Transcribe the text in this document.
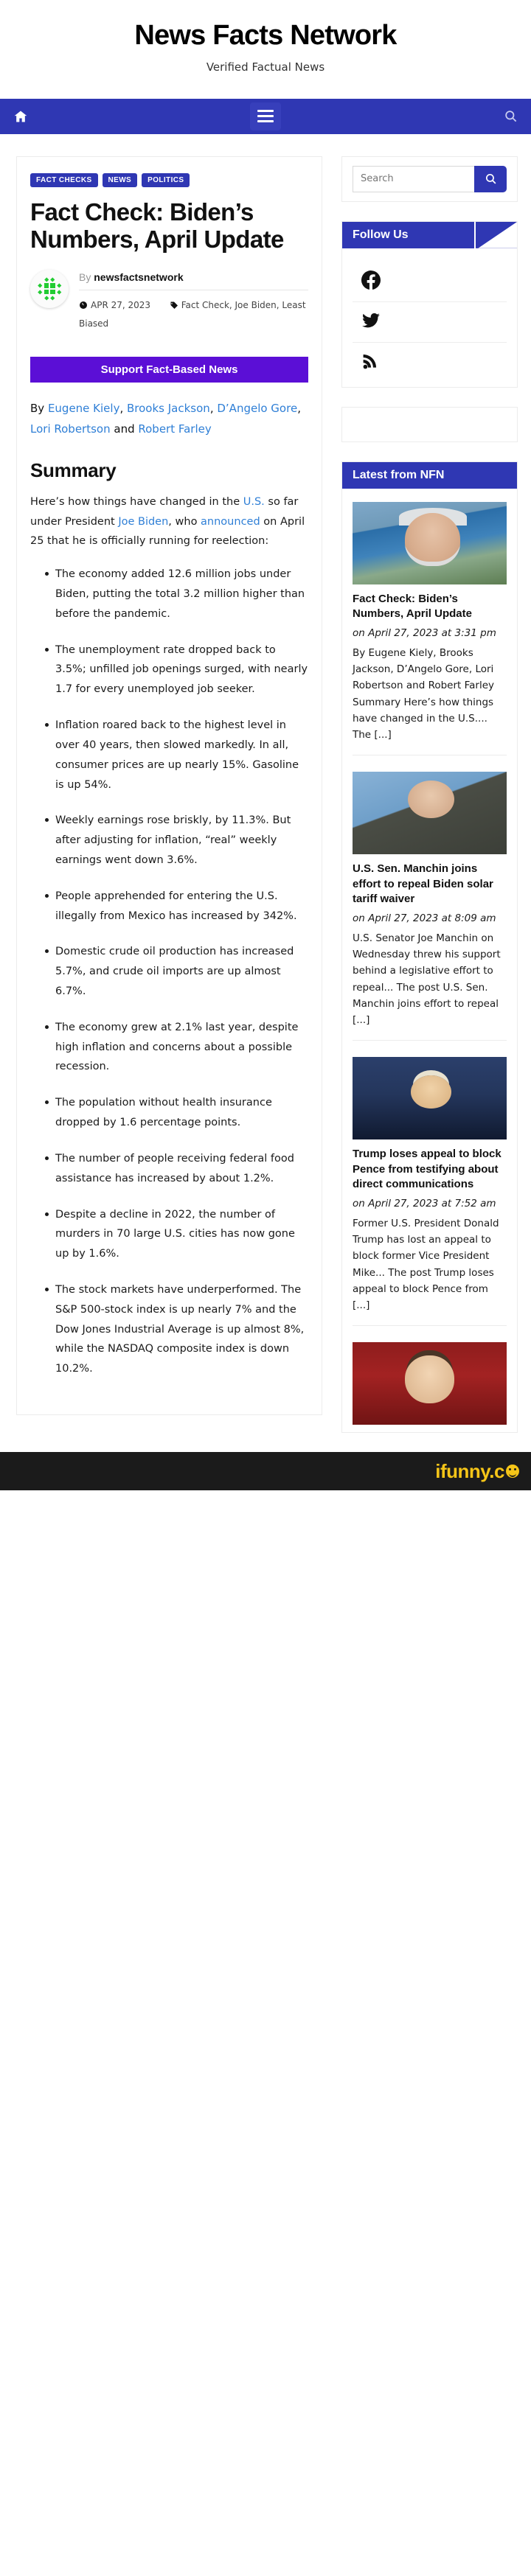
News Facts Network

Verified Factual News

FACT CHECKS	NEWS	POLITICS
Fact Check: Biden’s Numbers, April Update
By newsfactsnetwork
APR 27, 2023	Fact Check, Joe Biden, Least Biased
Support Fact-Based News

By Eugene Kiely, Brooks Jackson, D’Angelo Gore, Lori Robertson and Robert Farley

Summary

Here’s how things have changed in the U.S. so far under President Joe Biden, who announced on April 25 that he is officially running for reelection:

The economy added 12.6 million jobs under Biden, putting the total 3.2 million higher than before the pandemic.
The unemployment rate dropped back to 3.5%; unfilled job openings surged, with nearly 1.7 for every unemployed job seeker.
Inflation roared back to the highest level in over 40 years, then slowed markedly. In all, consumer prices are up nearly 15%. Gasoline is up 54%.
Weekly earnings rose briskly, by 11.3%. But after adjusting for inflation, “real” weekly earnings went down 3.6%.
People apprehended for entering the U.S. illegally from Mexico has increased by 342%.
Domestic crude oil production has increased 5.7%, and crude oil imports are up almost 6.7%.
The economy grew at 2.1% last year, despite high inflation and concerns about a possible recession.
The population without health insurance dropped by 1.6 percentage points.
The number of people receiving federal food assistance has increased by about 1.2%.
Despite a decline in 2022, the number of murders in 70 large U.S. cities has now gone up by 1.6%.
The stock markets have underperformed. The S&P 500-stock index is up nearly 7% and the Dow Jones Industrial Average is up almost 8%, while the NASDAQ composite index is down 10.2%.
Search
Follow Us
Latest from NFN
Fact Check: Biden’s Numbers, April Update

on April 27, 2023 at 3:31 pm

By Eugene Kiely, Brooks Jackson, D’Angelo Gore, Lori Robertson and Robert Farley Summary Here’s how things have changed in the U.S.... The [...]

U.S. Sen. Manchin joins effort to repeal Biden solar tariff waiver

on April 27, 2023 at 8:09 am

U.S. Senator Joe Manchin on Wednesday threw his support behind a legislative effort to repeal... The post U.S. Sen. Manchin joins effort to repeal [...]

Trump loses appeal to block Pence from testifying about direct communications

on April 27, 2023 at 7:52 am

Former U.S. President Donald Trump has lost an appeal to block former Vice President Mike... The post Trump loses appeal to block Pence from [...]

ifunny.c
